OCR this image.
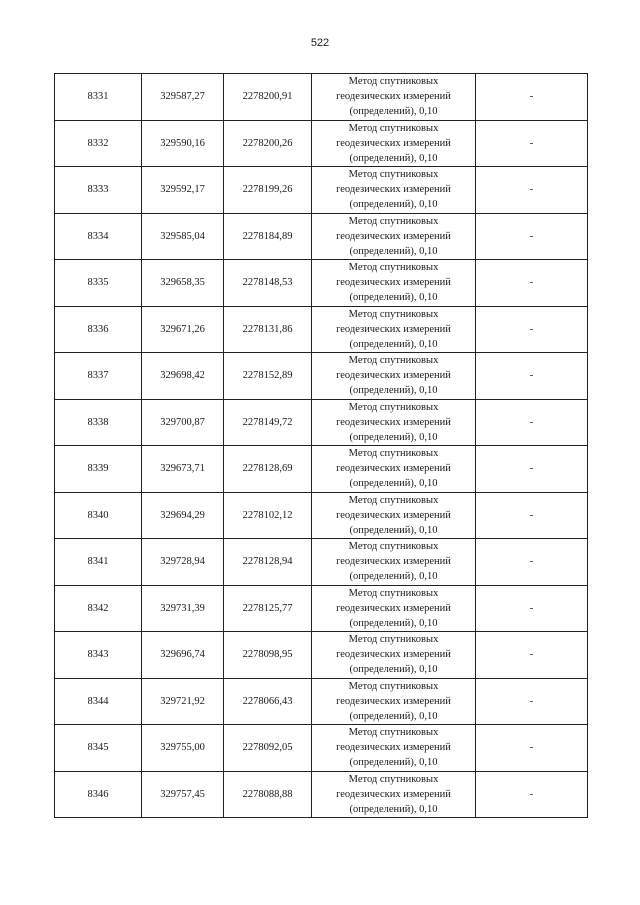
522
8331	329587,27	2278200,91	Метод спутниковых
геодезических измерений
(определений), 0,10	-
8332	329590,16	2278200,26	Метод спутниковых
геодезических измерений
(определений), 0,10	-
8333	329592,17	2278199,26	Метод спутниковых
геодезических измерений
(определений), 0,10	-
8334	329585,04	2278184,89	Метод спутниковых
геодезических измерений
(определений), 0,10	-
8335	329658,35	2278148,53	Метод спутниковых
геодезических измерений
(определений), 0,10	-
8336	329671,26	2278131,86	Метод спутниковых
геодезических измерений
(определений), 0,10	-
8337	329698,42	2278152,89	Метод спутниковых
геодезических измерений
(определений), 0,10	-
8338	329700,87	2278149,72	Метод спутниковых
геодезических измерений
(определений), 0,10	-
8339	329673,71	2278128,69	Метод спутниковых
геодезических измерений
(определений), 0,10	-
8340	329694,29	2278102,12	Метод спутниковых
геодезических измерений
(определений), 0,10	-
8341	329728,94	2278128,94	Метод спутниковых
геодезических измерений
(определений), 0,10	-
8342	329731,39	2278125,77	Метод спутниковых
геодезических измерений
(определений), 0,10	-
8343	329696,74	2278098,95	Метод спутниковых
геодезических измерений
(определений), 0,10	-
8344	329721,92	2278066,43	Метод спутниковых
геодезических измерений
(определений), 0,10	-
8345	329755,00	2278092,05	Метод спутниковых
геодезических измерений
(определений), 0,10	-
8346	329757,45	2278088,88	Метод спутниковых
геодезических измерений
(определений), 0,10	-
